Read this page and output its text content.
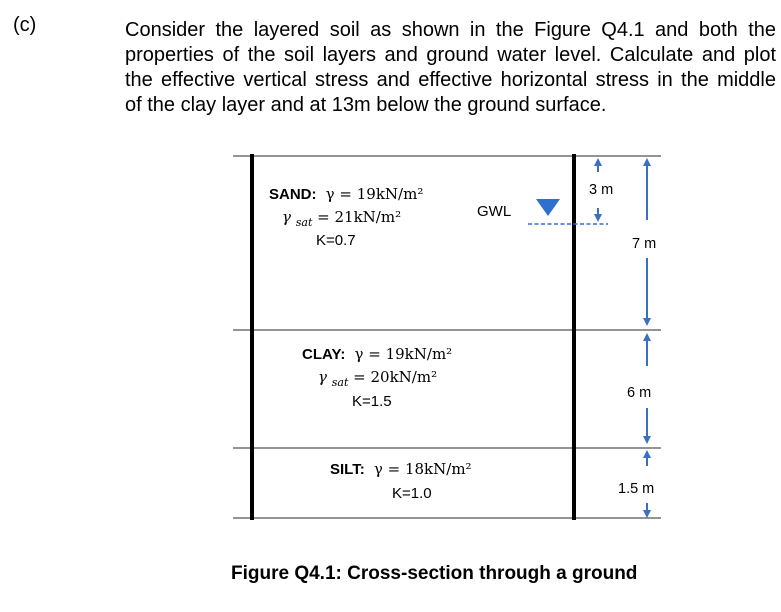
(c)	Consider the layered soil as shown in the Figure Q4.1 and both the
properties of the soil layers and ground water level. Calculate and plot
the effective vertical stress and effective horizontal stress in the middle
of the clay layer and at 13m below the ground surface.
GWL
SAND: γ = 19kN/m²
γ $_{sat}$ = 21kN/m²
K=0.7
CLAY: γ = 19kN/m²
γ $_{sat}$ = 20kN/m²
K=1.5
SILT: γ = 18kN/m²
K=1.0
3 m
7 m
6 m
1.5 m
Figure Q4.1: Cross-section through a ground
